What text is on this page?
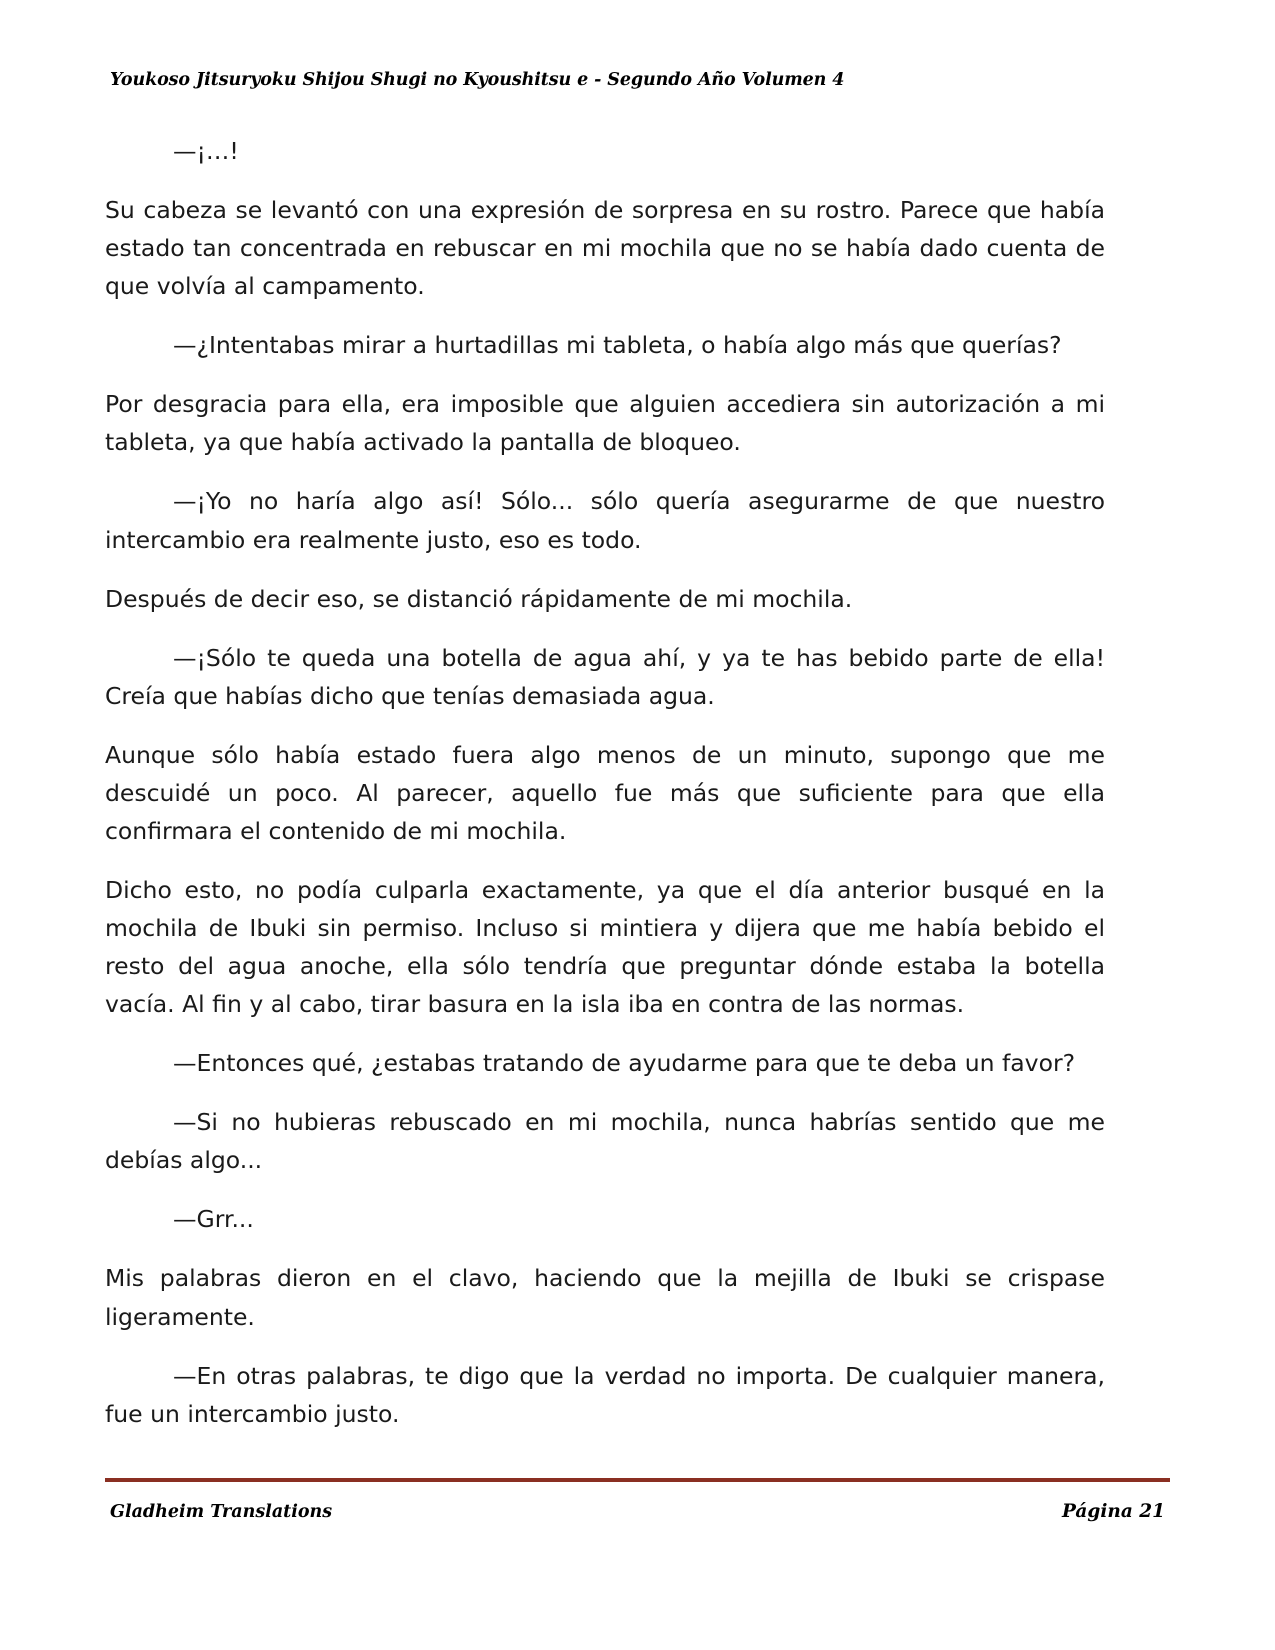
Youkoso Jitsuryoku Shijou Shugi no Kyoushitsu e - Segundo Año Volumen 4

—¡…!

Su cabeza se levantó con una expresión de sorpresa en su rostro. Parece que había estado tan concentrada en rebuscar en mi mochila que no se había dado cuenta de que volvía al campamento.

—¿Intentabas mirar a hurtadillas mi tableta, o había algo más que querías?

Por desgracia para ella, era imposible que alguien accediera sin autorización a mi tableta, ya que había activado la pantalla de bloqueo.

—¡Yo no haría algo así! Sólo... sólo quería asegurarme de que nuestro intercambio era realmente justo, eso es todo.

Después de decir eso, se distanció rápidamente de mi mochila.

—¡Sólo te queda una botella de agua ahí, y ya te has bebido parte de ella! Creía que habías dicho que tenías demasiada agua.

Aunque sólo había estado fuera algo menos de un minuto, supongo que me descuidé un poco. Al parecer, aquello fue más que suficiente para que ella confirmara el contenido de mi mochila.

Dicho esto, no podía culparla exactamente, ya que el día anterior busqué en la mochila de Ibuki sin permiso. Incluso si mintiera y dijera que me había bebido el resto del agua anoche, ella sólo tendría que preguntar dónde estaba la botella vacía. Al fin y al cabo, tirar basura en la isla iba en contra de las normas.

—Entonces qué, ¿estabas tratando de ayudarme para que te deba un favor?

—Si no hubieras rebuscado en mi mochila, nunca habrías sentido que me debías algo...

—Grr...

Mis palabras dieron en el clavo, haciendo que la mejilla de Ibuki se crispase ligeramente.

—En otras palabras, te digo que la verdad no importa. De cualquier manera, fue un intercambio justo.

Gladheim Translations	Página 21
